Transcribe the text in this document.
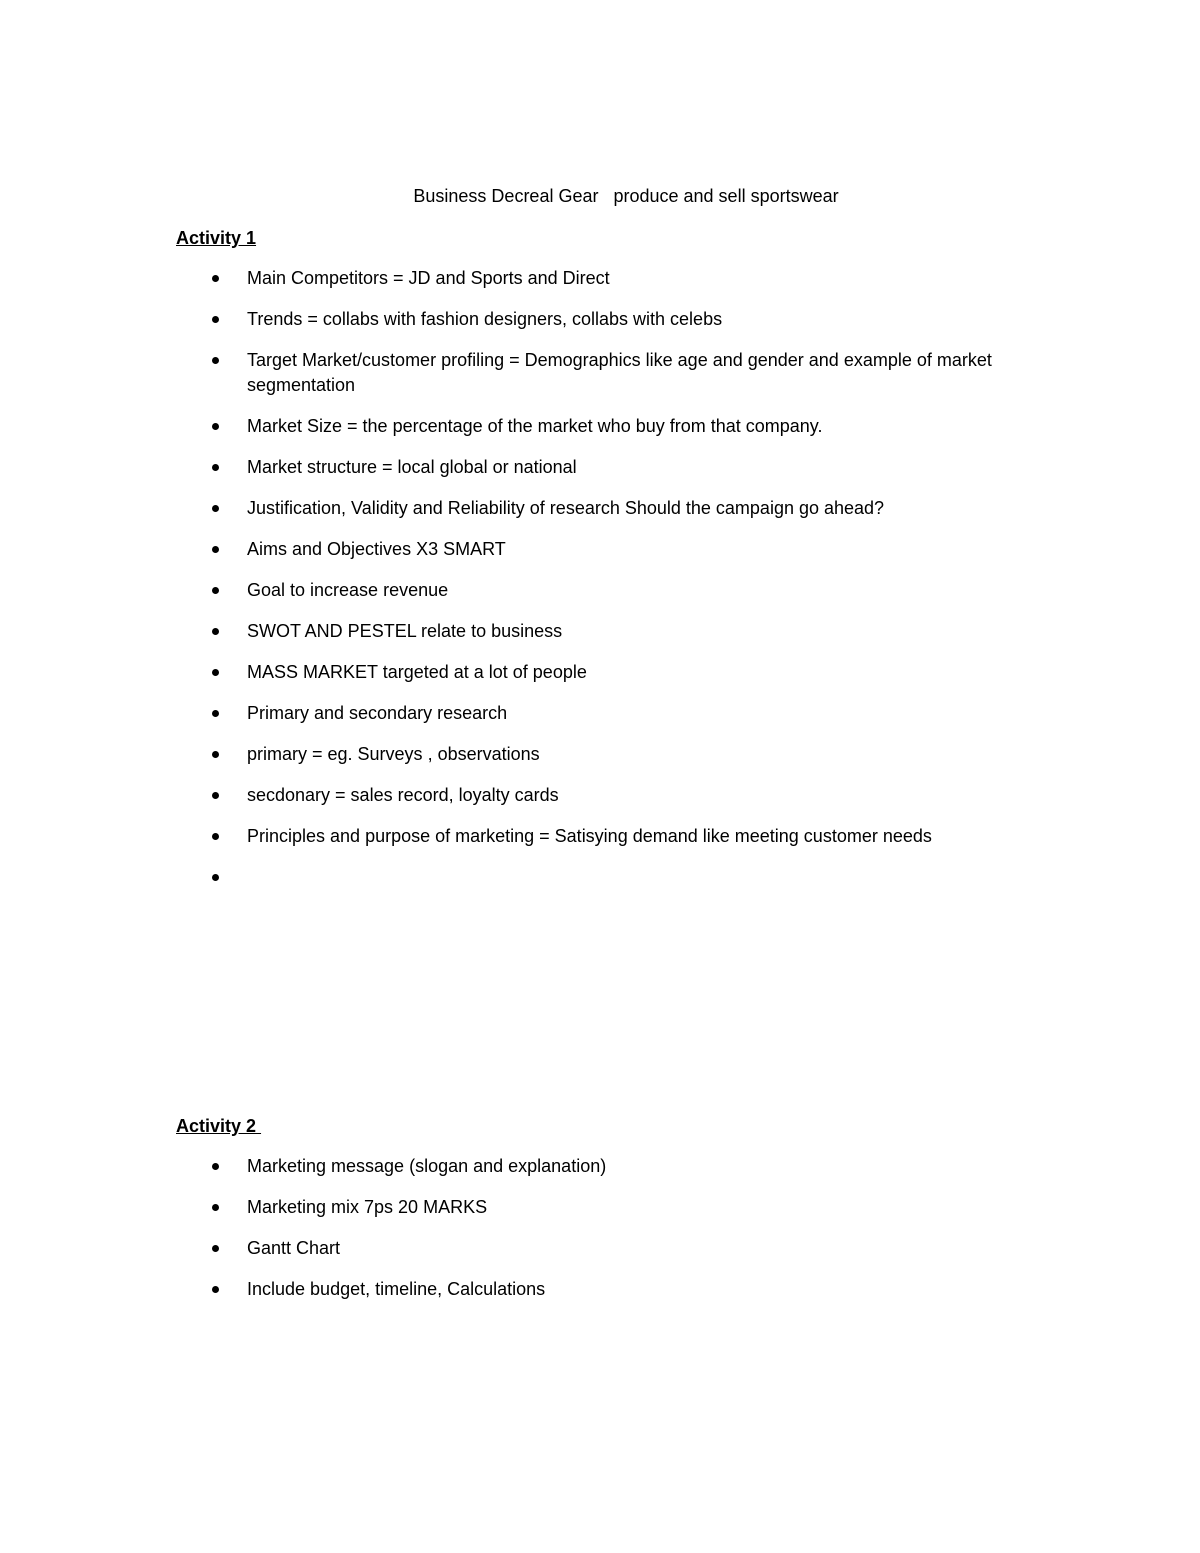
Business Decreal Gear   produce and sell sportswear
Activity 1
Main Competitors = JD and Sports and Direct
Trends = collabs with fashion designers, collabs with celebs
Target Market/customer profiling = Demographics like age and gender and example of market segmentation
Market Size = the percentage of the market who buy from that company.
Market structure = local global or national
Justification, Validity and Reliability of research Should the campaign go ahead?
Aims and Objectives X3 SMART
Goal to increase revenue
SWOT AND PESTEL relate to business
MASS MARKET targeted at a lot of people
Primary and secondary research
primary = eg. Surveys , observations
secdonary = sales record, loyalty cards
Principles and purpose of marketing = Satisying demand like meeting customer needs

Activity 2
Marketing message (slogan and explanation)
Marketing mix 7ps 20 MARKS
Gantt Chart
Include budget, timeline, Calculations
